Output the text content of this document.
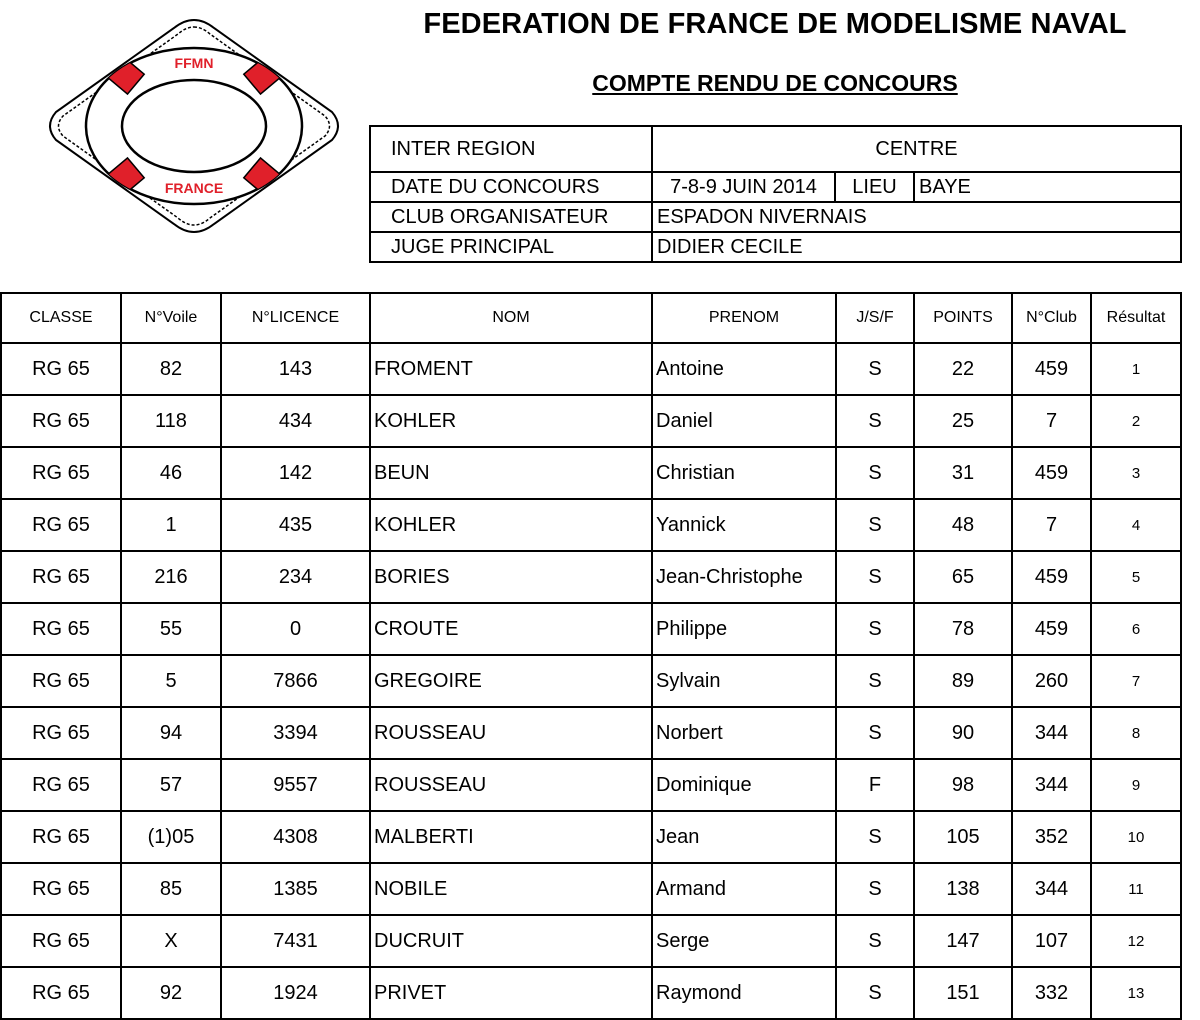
FFMN
FRANCE
FEDERATION DE FRANCE DE MODELISME NAVAL
COMPTE RENDU DE CONCOURS
INTER REGION	CENTRE		
DATE DU CONCOURS	7-8-9 JUIN 2014	LIEU	BAYE
CLUB ORGANISATEUR	ESPADON NIVERNAIS		
JUGE PRINCIPAL	DIDIER CECILE		
CLASSE	N°Voile	N°LICENCE	NOM	PRENOM	J/S/F	POINTS	N°Club	Résultat
RG 65	82	143	FROMENT	Antoine	S	22	459	1
RG 65	118	434	KOHLER	Daniel	S	25	7	2
RG 65	46	142	BEUN	Christian	S	31	459	3
RG 65	1	435	KOHLER	Yannick	S	48	7	4
RG 65	216	234	BORIES	Jean-Christophe	S	65	459	5
RG 65	55	0	CROUTE	Philippe	S	78	459	6
RG 65	5	7866	GREGOIRE	Sylvain	S	89	260	7
RG 65	94	3394	ROUSSEAU	Norbert	S	90	344	8
RG 65	57	9557	ROUSSEAU	Dominique	F	98	344	9
RG 65	(1)05	4308	MALBERTI	Jean	S	105	352	10
RG 65	85	1385	NOBILE	Armand	S	138	344	11
RG 65	X	7431	DUCRUIT	Serge	S	147	107	12
RG 65	92	1924	PRIVET	Raymond	S	151	332	13
